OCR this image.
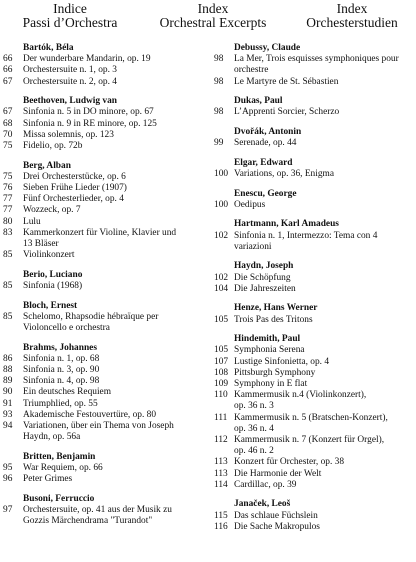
Indice
Passi d’Orchestra
Index
Orchestral Excerpts
Index
Orchesterstudien
Bartók, Béla
66	Der wunderbare Mandarin, op. 19
66	Orchestersuite n. 1, op. 3
67	Orchestersuite n. 2, op. 4
Beethoven, Ludwig van
67	Sinfonia n. 5 in DO minore, op. 67
68	Sinfonia n. 9 in RE minore, op. 125
70	Missa solemnis, op. 123
75	Fidelio, op. 72b
Berg, Alban
75	Drei Orchesterstücke, op. 6
76	Sieben Frühe Lieder (1907)
77	Fünf Orchesterlieder, op. 4
77	Wozzeck, op. 7
80	Lulu
83	Kammerkonzert für Violine, Klavier und
13 Bläser
85	Violinkonzert
Berio, Luciano
85	Sinfonia (1968)
Bloch, Ernest
85	Schelomo, Rhapsodie hébraïque per
Violoncello e orchestra
Brahms, Johannes
86	Sinfonia n. 1, op. 68
88	Sinfonia n. 3, op. 90
89	Sinfonia n. 4, op. 98
90	Ein deutsches Requiem
91	Triumphlied, op. 55
93	Akademische Festouvertüre, op. 80
94	Variationen, über ein Thema von Joseph
Haydn, op. 56a
Britten, Benjamin
95	War Requiem, op. 66
96	Peter Grimes
Busoni, Ferruccio
97	Orchestersuite, op. 41 aus der Musik zu
Gozzis Märchendrama "Turandot"
Debussy, Claude
98	La Mer, Trois esquisses symphoniques pour
orchestre
98	Le Martyre de St. Sébastien
Dukas, Paul
98	L’Apprenti Sorcier, Scherzo
Dvořák, Antonin
99	Serenade, op. 44
Elgar, Edward
100 Variations, op. 36, Enigma
Enescu, George
100 Oedipus
Hartmann, Karl Amadeus
102 Sinfonia n. 1, Intermezzo: Tema con 4
variazioni
Haydn, Joseph
102 Die Schöpfung
104 Die Jahreszeiten
Henze, Hans Werner
105 Trois Pas des Tritons
Hindemith, Paul
105 Symphonia Serena
107 Lustige Sinfonietta, op. 4
108 Pittsburgh Symphony
109 Symphony in E flat
110 Kammermusik n.4 (Violinkonzert),
op. 36 n. 3
111 Kammermusik n. 5 (Bratschen-Konzert),
op. 36 n. 4
112 Kammermusik n. 7 (Konzert für Orgel),
op. 46 n. 2
113 Konzert für Orchester, op. 38
113 Die Harmonie der Welt
114 Cardillac, op. 39
Janaček, Leoš
115 Das schlaue Füchslein
116 Die Sache Makropulos
